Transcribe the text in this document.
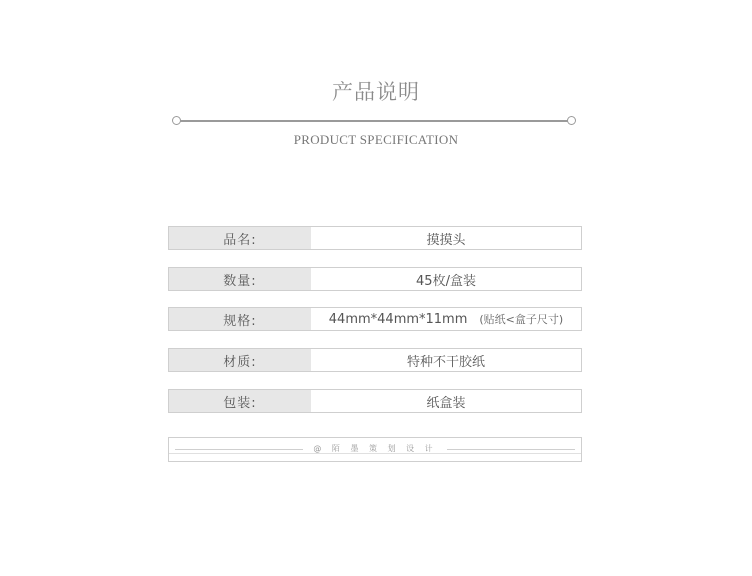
产品说明
PRODUCT SPECIFICATION
品名:	摸摸头
数量:	45枚/盒装
规格:	44mm*44mm*11mm (贴纸<盒子尺寸)
材质:	特种不干胶纸
包装:	纸盒装
@ 陌 墨 策 划 设 计
